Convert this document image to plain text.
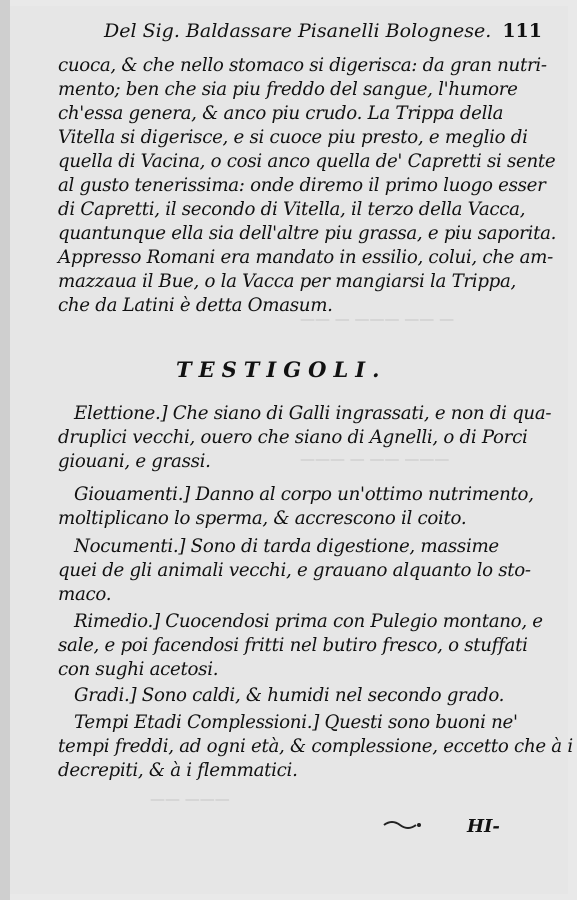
— —— ——— — ——
——— —— — ———
——— ——
Del Sig. Baldassare Pisanelli Bolognese. 111
cuoca, & che nello stomaco si digerisca: da gran nutri-
mento; ben che sia piu freddo del sangue, l'humore
ch'essa genera, & anco piu crudo. La Trippa della
Vitella si digerisce, e si cuoce piu presto, e meglio di
quella di Vacina, o cosi anco quella de' Capretti si sente
al gusto tenerissima: onde diremo il primo luogo esser
di Capretti, il secondo di Vitella, il terzo della Vacca,
quantunque ella sia dell'altre piu grassa, e piu saporita.
Appresso Romani era mandato in essilio, colui, che am-
mazzaua il Bue, o la Vacca per mangiarsi la Trippa,
che da Latini è detta Omasum.
TESTIGOLI.
Elettione.] Che siano di Galli ingrassati, e non di qua-
druplici vecchi, ouero che siano di Agnelli, o di Porci
giouani, e grassi.
Giouamenti.] Danno al corpo un'ottimo nutrimento,
moltiplicano lo sperma, & accrescono il coito.
Nocumenti.] Sono di tarda digestione, massime
quei de gli animali vecchi, e grauano alquanto lo sto-
maco.
Rimedio.] Cuocendosi prima con Pulegio montano, e
sale, e poi facendosi fritti nel butiro fresco, o stuffati
con sughi acetosi.
Gradi.] Sono caldi, & humidi nel secondo grado.
Tempi Etadi Complessioni.] Questi sono buoni ne'
tempi freddi, ad ogni età, & complessione, eccetto che à i
decrepiti, & à i flemmatici.
HI-
